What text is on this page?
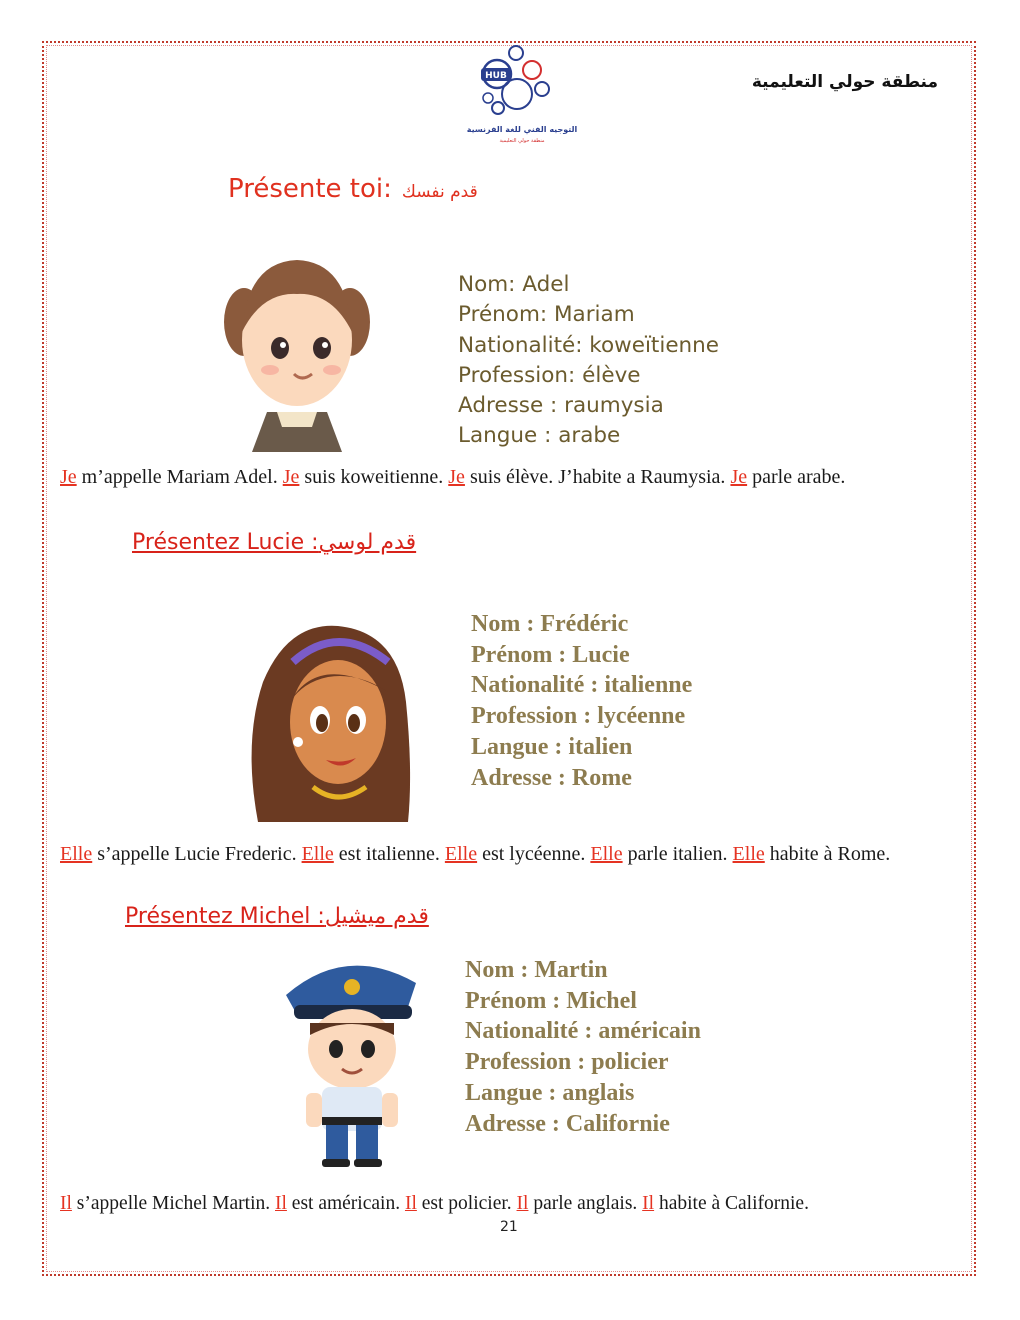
منطقة حولي التعليمية
HUB
التوجيه الفني للغة الفرنسية
منطقة حولي التعليمية
Présente toi: قدم نفسك
Nom: Adel
Prénom: Mariam
Nationalité: koweïtienne
Profession: élève
Adresse : raumysia
Langue : arabe
Je m’appelle Mariam Adel. Je suis koweitienne. Je suis élève. J’habite a Raumysia. Je parle arabe.
Présentez Lucie :قدم لوسي
Nom : Frédéric
Prénom : Lucie
Nationalité : italienne
Profession : lycéenne
Langue : italien
Adresse : Rome
Elle s’appelle Lucie Frederic. Elle est italienne. Elle est lycéenne. Elle parle italien. Elle habite à Rome.
Présentez Michel :قدم ميشيل
Nom : Martin
Prénom : Michel
Nationalité : américain
Profession : policier
Langue : anglais
Adresse : Californie
Il s’appelle Michel Martin. Il est américain. Il est policier. Il parle anglais. Il habite à Californie.
21
